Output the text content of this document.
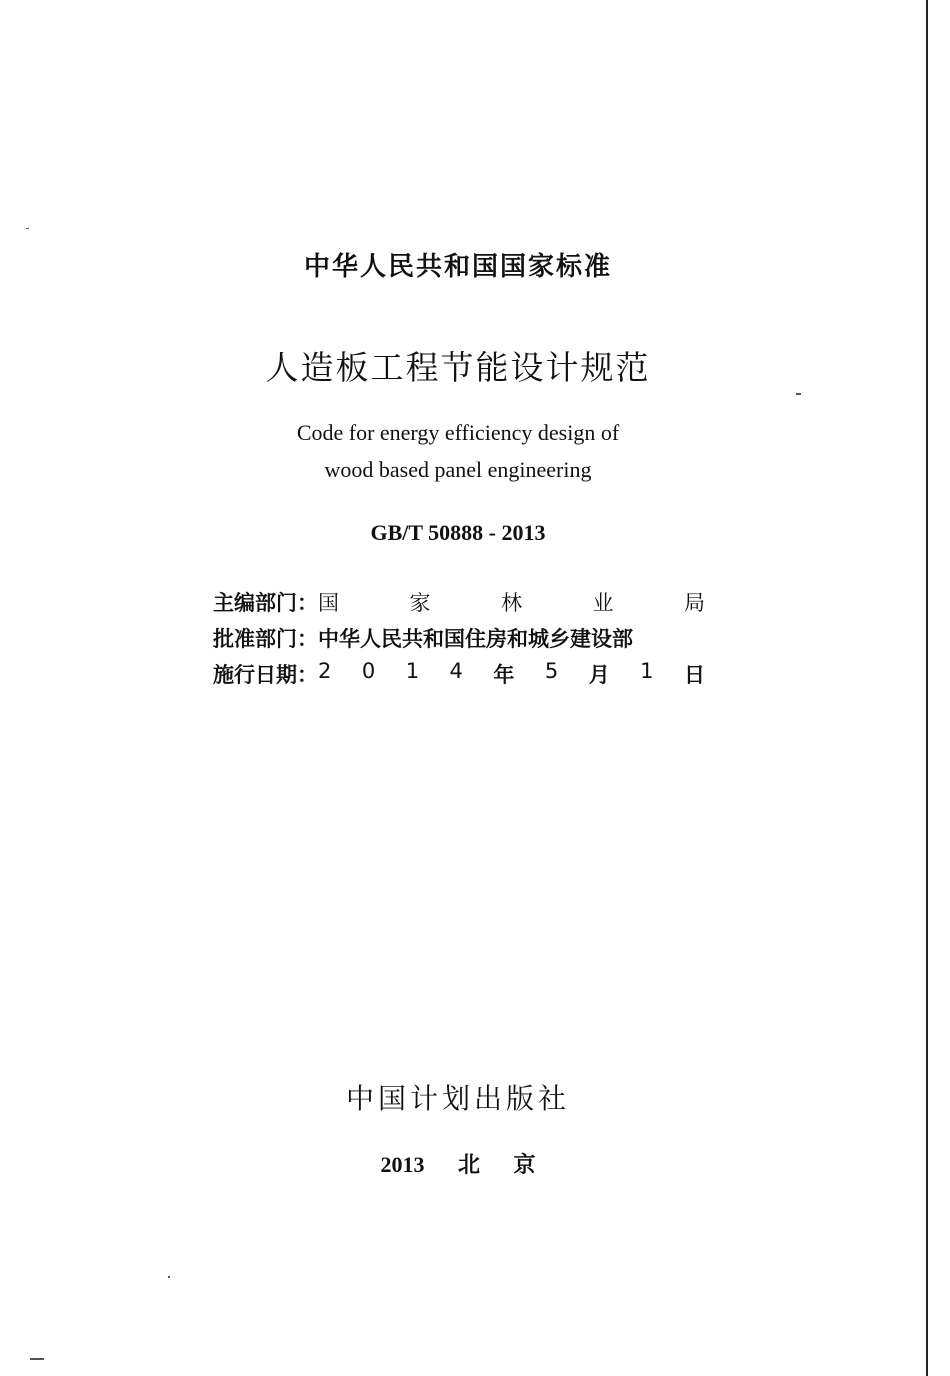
中华人民共和国国家标准
人造板工程节能设计规范
Code for energy efficiency design of
wood based panel engineering
GB/T 50888 - 2013
主编部门： 国	家	林	业	局
批准部门： 中华人民共和国住房和城乡建设部
施行日期： 2 0 1 4 年 5 月 1 日
中国计划出版社
2013 北 京
